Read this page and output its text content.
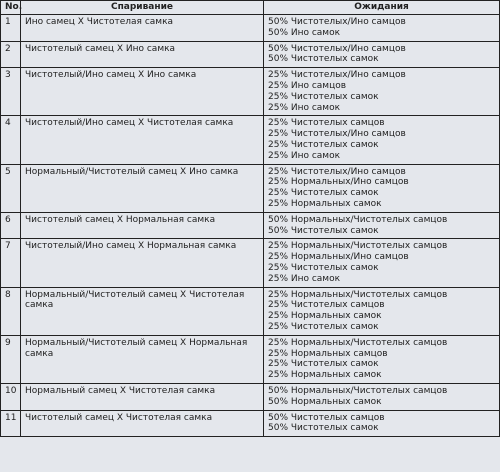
No.	Спаривание	Ожидания
1	Ино самец Х Чистотелая самка	50% Чистотелых/Ино самцов
50% Ино самок

2	Чистотелый самец Х Ино самка	50% Чистотелых/Ино самцов
50% Чистотелых самок

3	Чистотелый/Ино самец Х Ино самка	25% Чистотелых/Ино самцов
25% Ино самцов
25% Чистотелых самок
25% Ино самок

4	Чистотелый/Ино самец Х Чистотелая самка	25% Чистотелых самцов
25% Чистотелых/Ино самцов
25% Чистотелых самок
25% Ино самок

5	Нормальный/Чистотелый самец Х Ино самка	25% Чистотелых/Ино самцов
25% Нормальных/Ино самцов
25% Чистотелых самок
25% Нормальных самок

6	Чистотелый самец Х Нормальная самка	50% Нормальных/Чистотелых самцов
50% Чистотелых самок

7	Чистотелый/Ино самец Х Нормальная самка	25% Нормальных/Чистотелых самцов
25% Нормальных/Ино самцов
25% Чистотелых самок
25% Ино самок

8	Нормальный/Чистотелый самец Х Чистотелая самка	25% Нормальных/Чистотелых самцов
25% Чистотелых самцов
25% Нормальных самок
25% Чистотелых самок

9	Нормальный/Чистотелый самец Х Нормальная самка	25% Нормальных/Чистотелых самцов
25% Нормальных самцов
25% Чистотелых самок
25% Нормальных самок

10	Нормальный самец Х Чистотелая самка	50% Нормальных/Чистотелых самцов
50% Нормальных самок

11	Чистотелый самец Х Чистотелая самка	50% Чистотелых самцов
50% Чистотелых самок
